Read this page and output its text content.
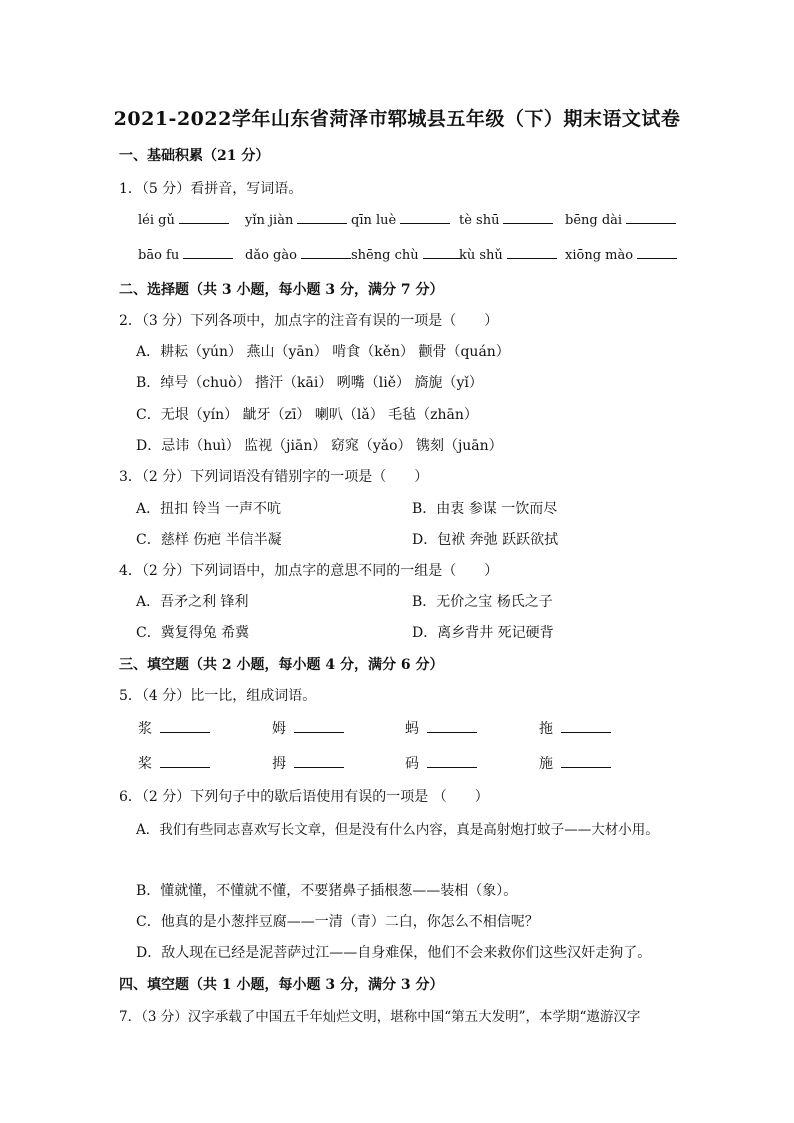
2021-2022学年山东省菏泽市郓城县五年级（下）期末语文试卷
一、基础积累（21 分）
1．（5 分）看拼音，写词语。
léi gǔ	yǐn jiàn	qīn luè	tè shū	bēng dài
bāo fu	dǎo gào	shēng chù	kù shǔ	xiōng mào
二、选择题（共 3 小题，每小题 3 分，满分 7 分）
2．（3 分）下列各项中，加点字的注音有误的一项是（　　）
A．耕耘（yún） 燕山（yān） 啃食（kěn） 颧骨（quán）
B．绰号（chuò） 揩汗（kāi） 咧嘴（liě） 旖旎（yǐ）
C．无垠（yín） 龇牙（zī） 喇叭（lǎ） 毛毡（zhān）
D．忌讳（huì） 监视（jiān） 窈窕（yǎo） 镌刻（juān）
3．（2 分）下列词语没有错别字的一项是（　　）
A．扭扣 铃当 一声不吭	B．由衷 参谋 一饮而尽
C．慈样 伤疤 半信半凝	D．包袱 奔弛 跃跃欲拭
4．（2 分）下列词语中，加点字的意思不同的一组是（　　）
A．吾矛之利 锋利	B．无价之宝 杨氏之子
C．冀复得兔 希冀	D．离乡背井 死记硬背
三、填空题（共 2 小题，每小题 4 分，满分 6 分）
5．（4 分）比一比，组成词语。
浆	姆	蚂	拖
桨	拇	码	施
6．（2 分）下列句子中的歇后语使用有误的一项是 （　　）
A．我们有些同志喜欢写长文章，但是没有什么内容，真是高射炮打蚊子——大材小用。
B．懂就懂，不懂就不懂，不要猪鼻子插根葱——装相（象）。
C．他真的是小葱拌豆腐——一清（青）二白，你怎么不相信呢？
D．敌人现在已经是泥菩萨过江——自身难保，他们不会来救你们这些汉奸走狗了。
四、填空题（共 1 小题，每小题 3 分，满分 3 分）
7．（3 分）汉字承载了中国五千年灿烂文明，堪称中国“第五大发明”，本学期“遨游汉字
